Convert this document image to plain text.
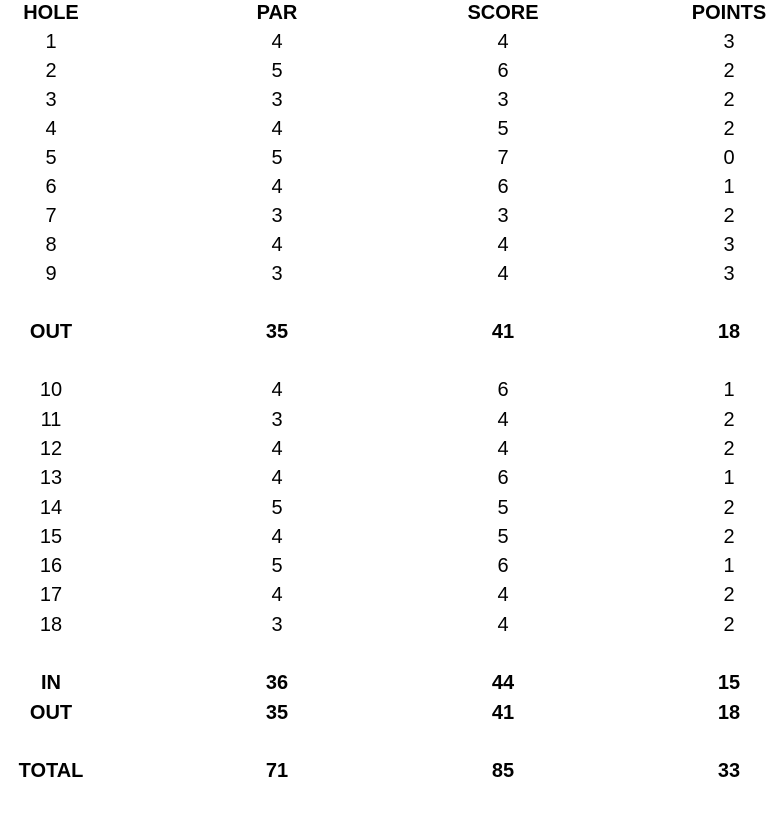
HOLE	PAR	SCORE	POINTS
1	4	4	3
2	5	6	2
3	3	3	2
4	4	5	2
5	5	7	0
6	4	6	1
7	3	3	2
8	4	4	3
9	3	4	3
OUT	35	41	18
10	4	6	1
11	3	4	2
12	4	4	2
13	4	6	1
14	5	5	2
15	4	5	2
16	5	6	1
17	4	4	2
18	3	4	2
IN	36	44	15
OUT	35	41	18
TOTAL	71	85	33
